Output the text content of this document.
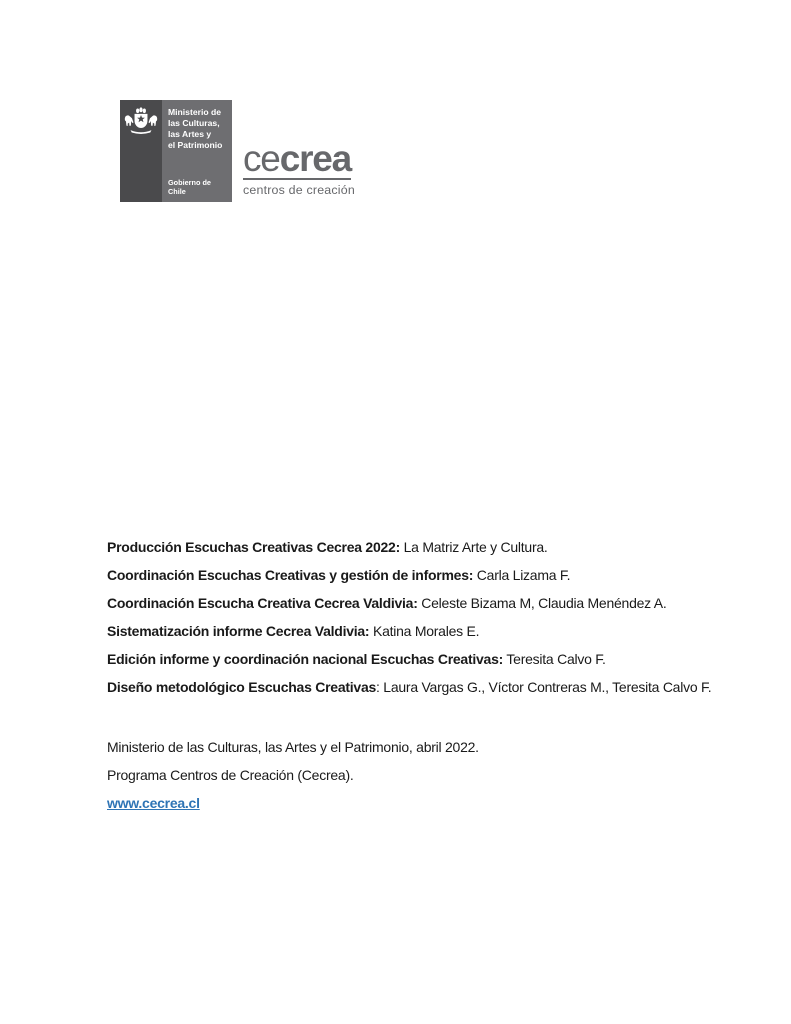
Ministerio de
las Culturas,
las Artes y
el Patrimonio
Gobierno de Chile
cecrea
centros de creación

Producción Escuchas Creativas Cecrea 2022: La Matriz Arte y Cultura.

Coordinación Escuchas Creativas y gestión de informes: Carla Lizama F.

Coordinación Escucha Creativa Cecrea Valdivia: Celeste Bizama M, Claudia Menéndez A.

Sistematización informe Cecrea Valdivia: Katina Morales E.

Edición informe y coordinación nacional Escuchas Creativas: Teresita Calvo F.

Diseño metodológico Escuchas Creativas: Laura Vargas G., Víctor Contreras M., Teresita Calvo F.

Ministerio de las Culturas, las Artes y el Patrimonio, abril 2022.

Programa Centros de Creación (Cecrea).

www.cecrea.cl
